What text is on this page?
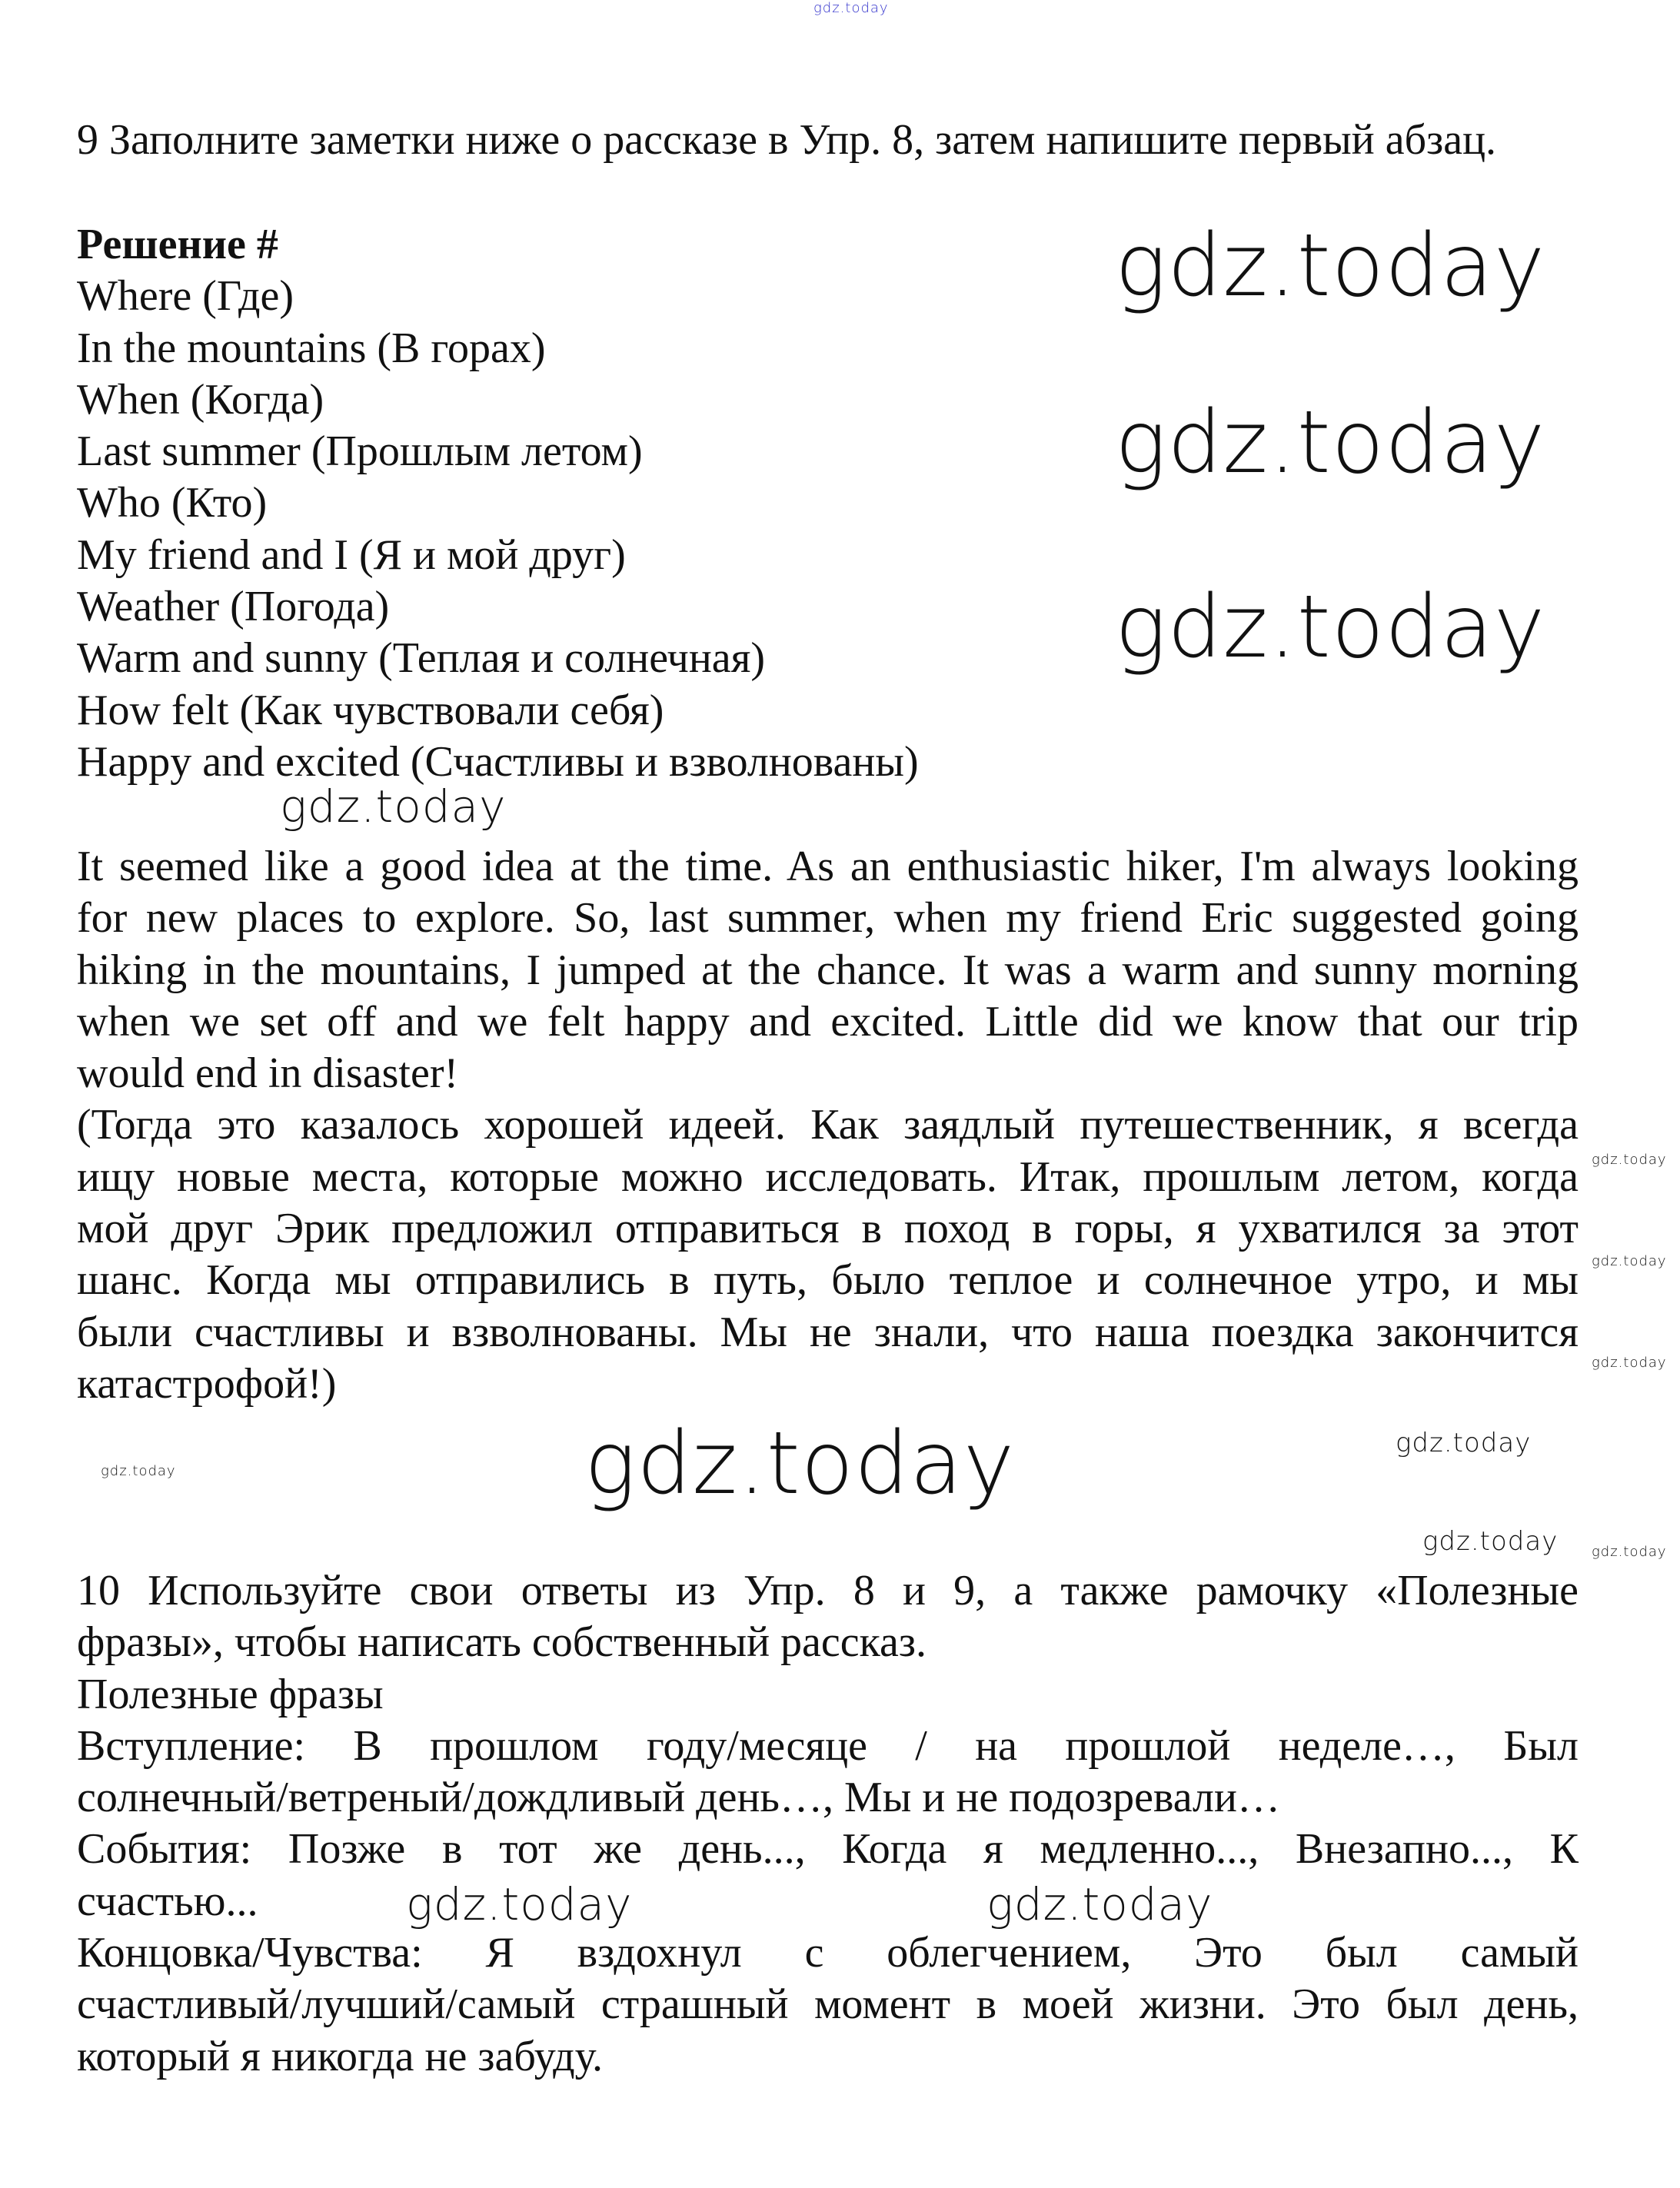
gdz.today
9 Заполните заметки ниже о рассказе в Упр. 8, затем напишите первый абзац.
Решение #
Where (Где)
In the mountains (В горах)
When (Когда)
Last summer (Прошлым летом)
Who (Кто)
My friend and I (Я и мой друг)
Weather (Погода)
Warm and sunny (Теплая и солнечная)
How felt (Как чувствовали себя)
Happy and excited (Счастливы и взволнованы)
It seemed like a good idea at the time. As an enthusiastic hiker, I'm always looking
for new places to explore. So, last summer, when my friend Eric suggested going
hiking in the mountains, I jumped at the chance. It was a warm and sunny morning
when we set off and we felt happy and excited. Little did we know that our trip
would end in disaster!
(Тогда это казалось хорошей идеей. Как заядлый путешественник, я всегда
ищу новые места, которые можно исследовать. Итак, прошлым летом, когда
мой друг Эрик предложил отправиться в поход в горы, я ухватился за этот
шанс. Когда мы отправились в путь, было теплое и солнечное утро, и мы
были счастливы и взволнованы. Мы не знали, что наша поездка закончится
катастрофой!)
10 Используйте свои ответы из Упр. 8 и 9, а также рамочку «Полезные
фразы», чтобы написать собственный рассказ.
Полезные фразы
Вступление: В прошлом году/месяце / на прошлой неделе…, Был
солнечный/ветреный/дождливый день…, Мы и не подозревали…
События: Позже в тот же день..., Когда я медленно..., Внезапно..., К
счастью...
Концовка/Чувства: Я вздохнул с облегчением, Это был самый
счастливый/лучший/самый страшный момент в моей жизни. Это был день,
который я никогда не забуду.
gdz.today
gdz.today
gdz.today
gdz.today
gdz.today	gdz.today
gdz.today
gdz.today	gdz.today
gdz.today
gdz.today
gdz.today
gdz.today
gdz.today
